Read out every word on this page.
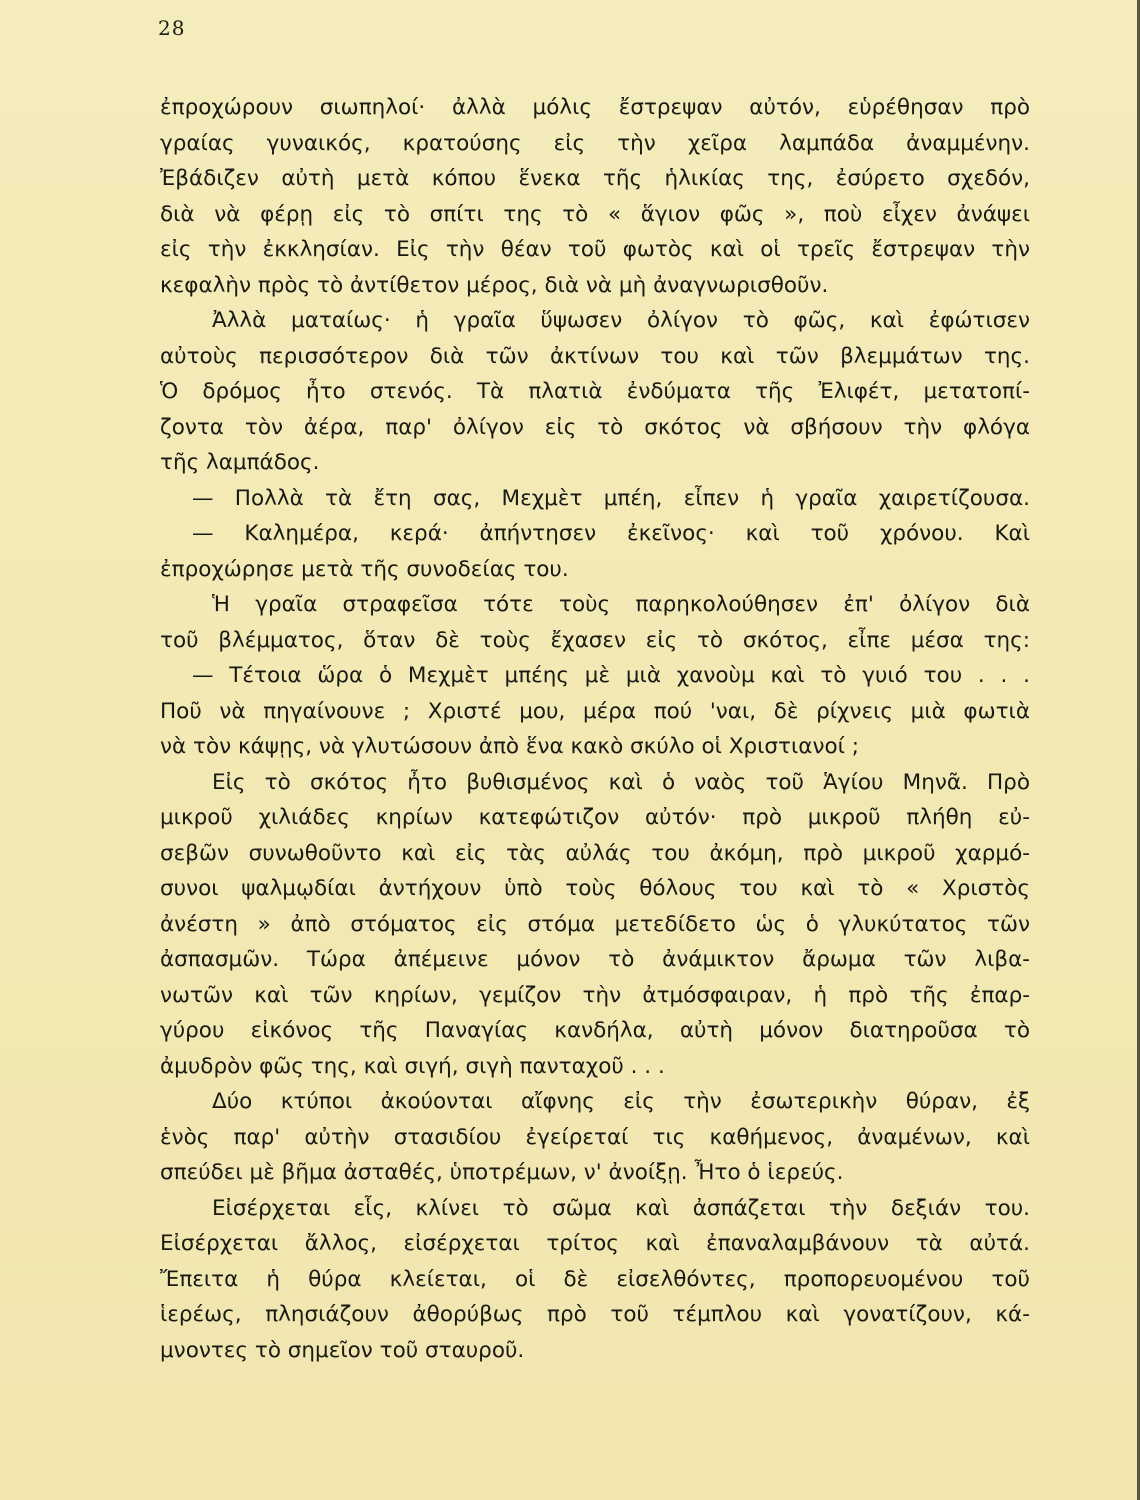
28
ἐπροχώρουν σιωπηλοί· ἀλλὰ μόλις ἔστρεψαν αὐτόν, εὑρέθησαν πρὸ
γραίας γυναικός, κρατούσης εἰς τὴν χεῖρα λαμπάδα ἀναμμένην.
Ἐβάδιζεν αὐτὴ μετὰ κόπου ἕνεκα τῆς ἡλικίας της, ἐσύρετο σχεδόν,
διὰ νὰ φέρῃ εἰς τὸ σπίτι της τὸ « ἅγιον φῶς », ποὺ εἶχεν ἀνάψει
εἰς τὴν ἐκκλησίαν. Εἰς τὴν θέαν τοῦ φωτὸς καὶ οἱ τρεῖς ἔστρεψαν τὴν
κεφαλὴν πρὸς τὸ ἀντίθετον μέρος, διὰ νὰ μὴ ἀναγνωρισθοῦν.
Ἀλλὰ ματαίως· ἡ γραῖα ὕψωσεν ὀλίγον τὸ φῶς, καὶ ἐφώτισεν
αὐτοὺς περισσότερον διὰ τῶν ἀκτίνων του καὶ τῶν βλεμμάτων της.
Ὁ δρόμος ἦτο στενός. Τὰ πλατιὰ ἐνδύματα τῆς Ἐλιφέτ, μετατοπί-
ζοντα τὸν ἀέρα, παρ' ὀλίγον εἰς τὸ σκότος νὰ σβήσουν τὴν φλόγα
τῆς λαμπάδος.
— Πολλὰ τὰ ἔτη σας, Μεχμὲτ μπέη, εἶπεν ἡ γραῖα χαιρετίζουσα.
— Καλημέρα, κερά· ἀπήντησεν ἐκεῖνος· καὶ τοῦ χρόνου. Καὶ
ἐπροχώρησε μετὰ τῆς συνοδείας του.
Ἡ γραῖα στραφεῖσα τότε τοὺς παρηκολούθησεν ἐπ' ὀλίγον διὰ
τοῦ βλέμματος, ὅταν δὲ τοὺς ἔχασεν εἰς τὸ σκότος, εἶπε μέσα της:
— Τέτοια ὥρα ὁ Μεχμὲτ μπέης μὲ μιὰ χανοὺμ καὶ τὸ γυιό του . . .
Ποῦ νὰ πηγαίνουνε ; Χριστέ μου, μέρα πού 'ναι, δὲ ρίχνεις μιὰ φωτιὰ
νὰ τὸν κάψῃς, νὰ γλυτώσουν ἀπὸ ἕνα κακὸ σκύλο οἱ Χριστιανοί ;
Εἰς τὸ σκότος ἦτο βυθισμένος καὶ ὁ ναὸς τοῦ Ἁγίου Μηνᾶ. Πρὸ
μικροῦ χιλιάδες κηρίων κατεφώτιζον αὐτόν· πρὸ μικροῦ πλήθη εὐ-
σεβῶν συνωθοῦντο καὶ εἰς τὰς αὐλάς του ἀκόμη, πρὸ μικροῦ χαρμό-
συνοι ψαλμῳδίαι ἀντήχουν ὑπὸ τοὺς θόλους του καὶ τὸ « Χριστὸς
ἀνέστη » ἀπὸ στόματος εἰς στόμα μετεδίδετο ὡς ὁ γλυκύτατος τῶν
ἀσπασμῶν. Τώρα ἀπέμεινε μόνον τὸ ἀνάμικτον ἄρωμα τῶν λιβα-
νωτῶν καὶ τῶν κηρίων, γεμίζον τὴν ἀτμόσφαιραν, ἡ πρὸ τῆς ἐπαρ-
γύρου εἰκόνος τῆς Παναγίας κανδήλα, αὐτὴ μόνον διατηροῦσα τὸ
ἀμυδρὸν φῶς της, καὶ σιγή, σιγὴ πανταχοῦ . . .
Δύο κτύποι ἀκούονται αἴφνης εἰς τὴν ἐσωτερικὴν θύραν, ἐξ
ἑνὸς παρ' αὐτὴν στασιδίου ἐγείρεταί τις καθήμενος, ἀναμένων, καὶ
σπεύδει μὲ βῆμα ἀσταθές, ὑποτρέμων, ν' ἀνοίξῃ. Ἦτο ὁ ἱερεύς.
Εἰσέρχεται εἷς, κλίνει τὸ σῶμα καὶ ἀσπάζεται τὴν δεξιάν του.
Εἰσέρχεται ἄλλος, εἰσέρχεται τρίτος καὶ ἐπαναλαμβάνουν τὰ αὐτά.
Ἔπειτα ἡ θύρα κλείεται, οἱ δὲ εἰσελθόντες, προπορευομένου τοῦ
ἱερέως, πλησιάζουν ἀθορύβως πρὸ τοῦ τέμπλου καὶ γονατίζουν, κά-
μνοντες τὸ σημεῖον τοῦ σταυροῦ.
